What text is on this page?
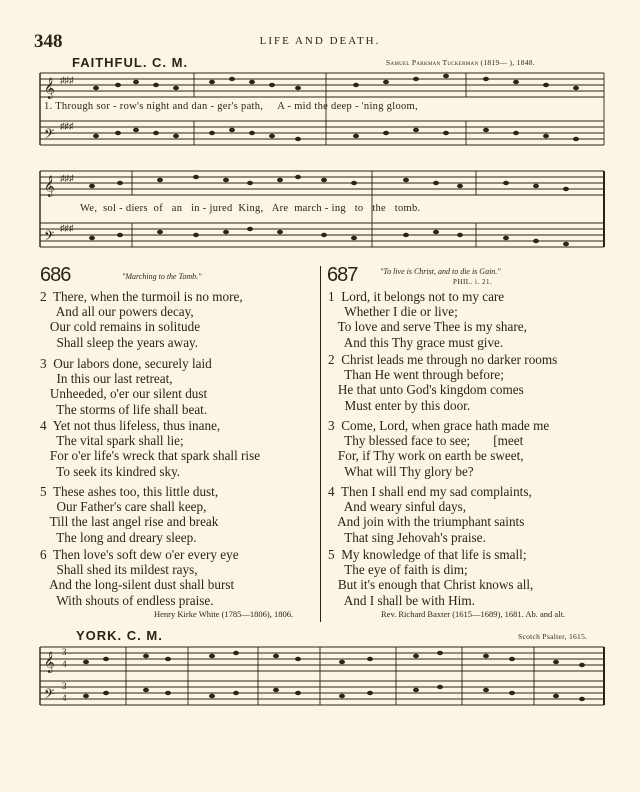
348	LIFE AND DEATH.
FAITHFUL. C. M.	Samuel Parkman Tuckerman (1819— ), 1848.
𝄞
𝄢
♯♯♯
♯♯♯
1. Through sor - row's night and dan - ger's path,     A - mid the deep - 'ning gloom,
𝄞
𝄢
♯♯♯
♯♯♯
We,  sol - diers  of   an   in - jured  King,   Are  march - ing   to   the   tomb.
686	"Marching to the Tomb."
2  There, when the turmoil is no more,
And all our powers decay,
Our cold remains in solitude
Shall sleep the years away.
3  Our labors done, securely laid
In this our last retreat,
Unheeded, o'er our silent dust
The storms of life shall beat.
4  Yet not thus lifeless, thus inane,
The vital spark shall lie;
For o'er life's wreck that spark shall rise
To seek its kindred sky.
5  These ashes too, this little dust,
Our Father's care shall keep,
Till the last angel rise and break
The long and dreary sleep.
6  Then love's soft dew o'er every eye
Shall shed its mildest rays,
And the long-silent dust shall burst
With shouts of endless praise.
Henry Kirke White (1785—1806), 1806.
687	"To live is Christ, and to die is Gain."
PHIL. i. 21.
1  Lord, it belongs not to my care
Whether I die or live;
To love and serve Thee is my share,
And this Thy grace must give.
2  Christ leads me through no darker rooms
Than He went through before;
He that unto God's kingdom comes
Must enter by this door.
3  Come, Lord, when grace hath made me
Thy blessed face to see;       [meet
For, if Thy work on earth be sweet,
What will Thy glory be?
4  Then I shall end my sad complaints,
And weary sinful days,
And join with the triumphant saints
That sing Jehovah's praise.
5  My knowledge of that life is small;
The eye of faith is dim;
But it's enough that Christ knows all,
And I shall be with Him.
Rev. Richard Baxter (1615—1689), 1681. Ab. and alt.
YORK. C. M.	Scotch Psalter, 1615.
𝄞
𝄢
3
4
3
4
